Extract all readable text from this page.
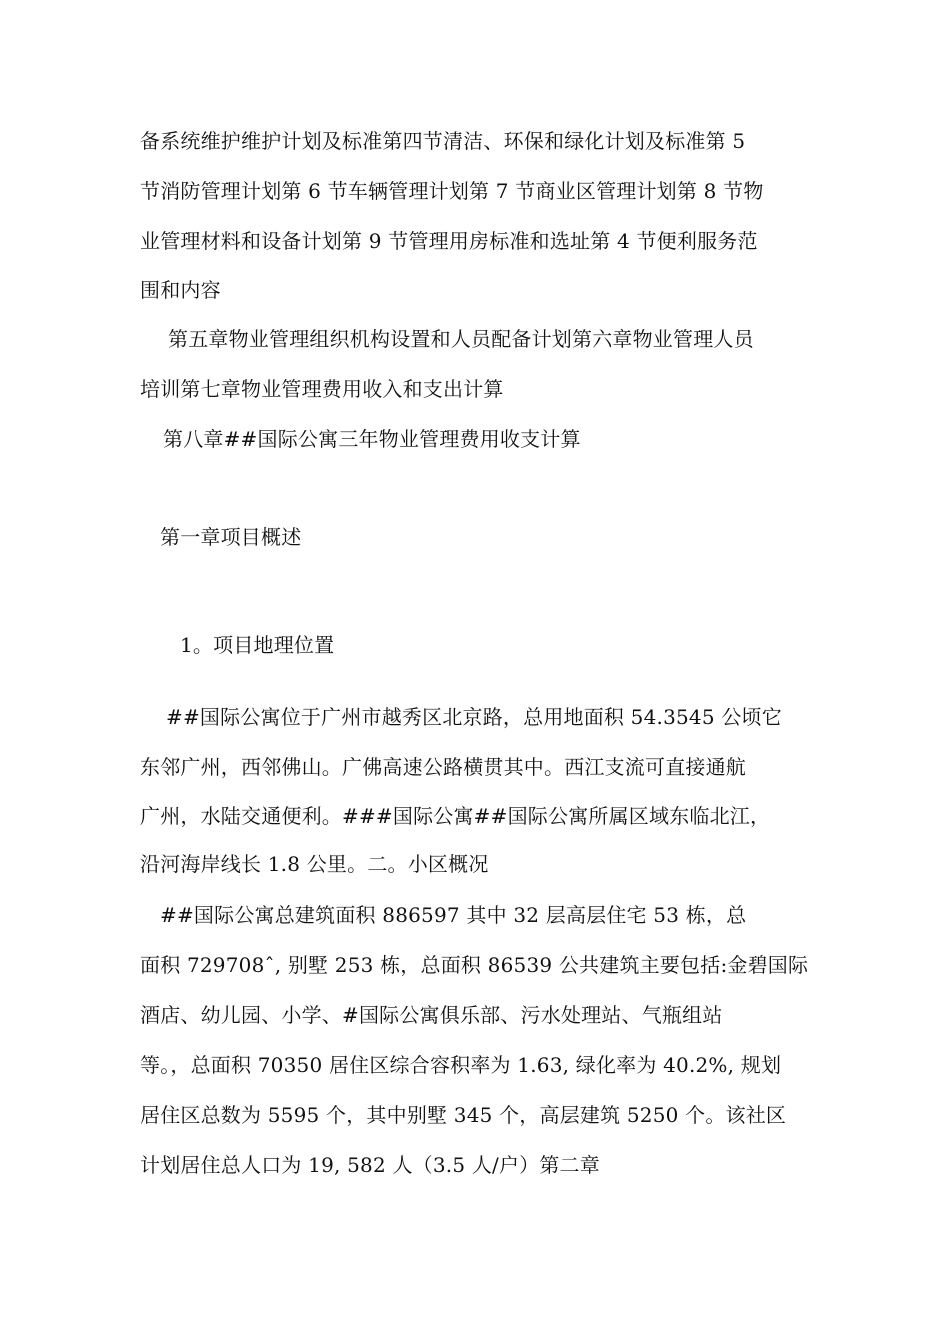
备系统维护维护计划及标准第四节清洁、环保和绿化计划及标准第 5
节消防管理计划第 6 节车辆管理计划第 7 节商业区管理计划第 8 节物
业管理材料和设备计划第 9 节管理用房标准和选址第 4 节便利服务范
围和内容
第五章物业管理组织机构设置和人员配备计划第六章物业管理人员
培训第七章物业管理费用收入和支出计算
第八章##国际公寓三年物业管理费用收支计算
第一章项目概述
1。项目地理位置
##国际公寓位于广州市越秀区北京路，总用地面积 54.3545 公顷它
东邻广州，西邻佛山。广佛高速公路横贯其中。西江支流可直接通航
广州，水陆交通便利。###国际公寓##国际公寓所属区域东临北江，
沿河海岸线长 1.8 公里。二。小区概况
##国际公寓总建筑面积 886597 其中 32 层高层住宅 53 栋，总
面积 729708ˆ, 别墅 253 栋，总面积 86539 公共建筑主要包括:金碧国际
酒店、幼儿园、小学、#国际公寓俱乐部、污水处理站、气瓶组站
等。，总面积 70350 居住区综合容积率为 1.63, 绿化率为 40.2%, 规划
居住区总数为 5595 个，其中别墅 345 个，高层建筑 5250 个。该社区
计划居住总人口为 19, 582 人（3.5 人/户）第二章
